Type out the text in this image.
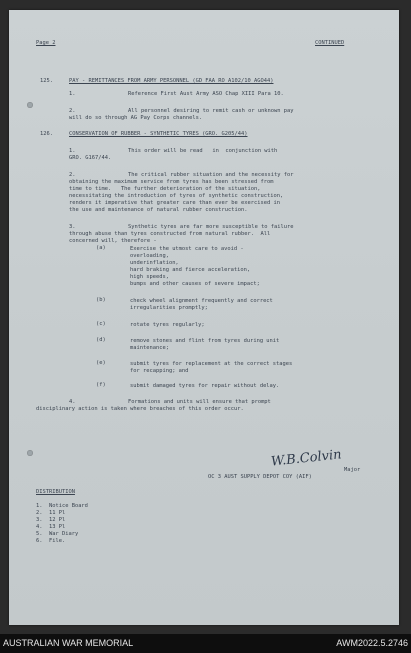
Page 2	CONTINUED
125.	PAY - REMITTANCES FROM ARMY PERSONNEL (GD FAA RO A102/10 AGO44)
1.	Reference First Aust Army ASO Chap XIII Para 10.
2.	All personnel desiring to remit cash or unknown pay
will do so through AG Pay Corps channels.
126.	CONSERVATION OF RUBBER - SYNTHETIC TYRES (GRO. G205/44)
1.	This order will be read   in  conjunction with
GRO. G167/44.
2.	The critical rubber situation and the necessity for
obtaining the maximum service from tyres has been stressed from
time to time.   The further deterioration of the situation,
necessitating the introduction of tyres of synthetic construction,
renders it imperative that greater care than ever be exercised in
the use and maintenance of natural rubber construction.
3.	Synthetic tyres are far more susceptible to failure
through abuse than tyres constructed from natural rubber.  All
concerned will, therefore -
(a)	Exercise the utmost care to avoid -
overloading,
underinflation,
hard braking and fierce acceleration,
high speeds,
bumps and other causes of severe impact;
(b)	check wheel alignment frequently and correct
irregularities promptly;
(c)	rotate tyres regularly;
(d)	remove stones and flint from tyres during unit
maintenance;
(e)	submit tyres for replacement at the correct stages
for recapping; and
(f)	submit damaged tyres for repair without delay.
4.	Formations and units will ensure that prompt
disciplinary action is taken where breaches of this order occur.
W.B.Colvin
Major
OC 3 AUST SUPPLY DEPOT COY (AIF)
DISTRIBUTION
1.  Notice Board
2.  11 Pl
3.  12 Pl
4.  13 Pl
5.  War Diary
6.  File.
AUSTRALIAN WAR MEMORIAL	AWM2022.5.2746
